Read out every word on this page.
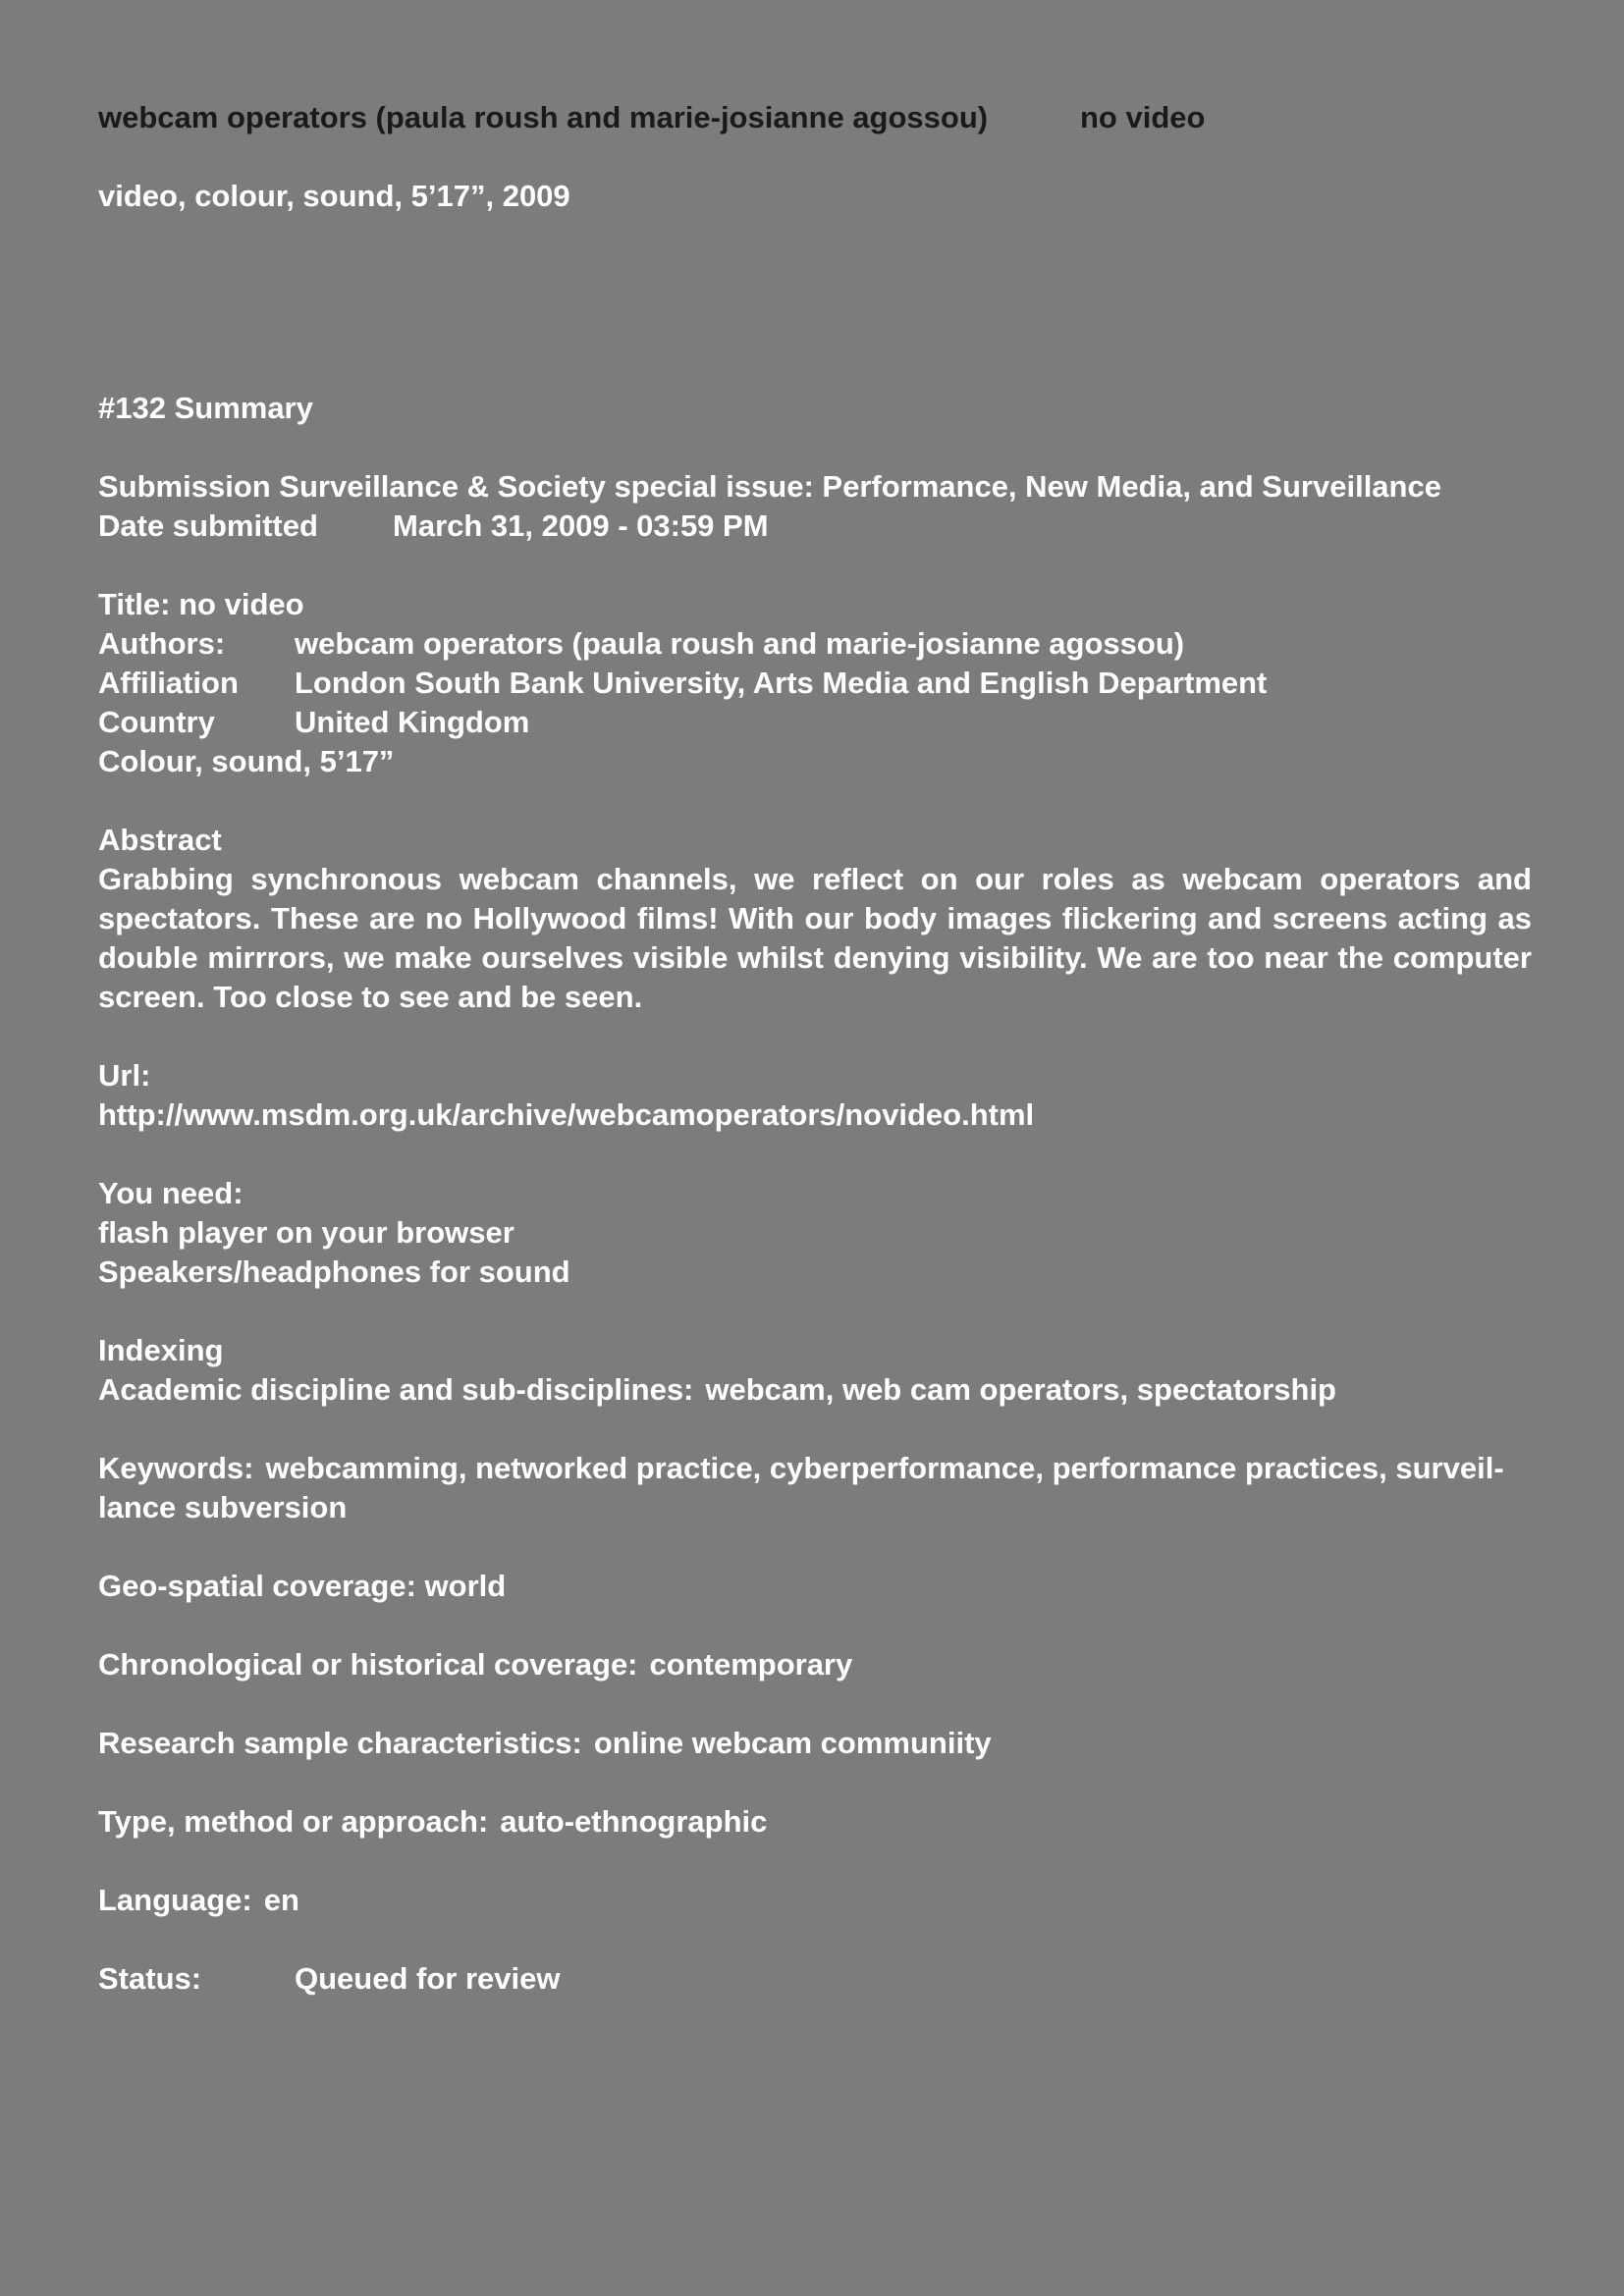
webcam operators (paula roush and marie-josianne agossou)	no video
video, colour, sound, 5’17”, 2009
#132 Summary
Submission Surveillance & Society special issue: Performance, New Media, and Surveillance
Date submitted	March 31, 2009 - 03:59 PM
Title: no video
Authors:	webcam operators (paula roush and marie-josianne agossou)
Affiliation	London South Bank University, Arts Media and English Department
Country	United Kingdom
Colour, sound, 5’17”
Abstract
Grabbing synchronous webcam channels, we reflect on our roles as webcam operators and spectators. These are no Hollywood films! With our body images flickering and screens acting as double mirrrors, we make ourselves visible whilst denying visibility. We are too near the computer screen. Too close to see and be seen.
Url:
http://www.msdm.org.uk/archive/webcamoperators/novideo.html
You need:
flash player on your browser
Speakers/headphones for sound
Indexing
Academic discipline and sub-disciplines: webcam, web cam operators, spectatorship
Keywords: webcamming, networked practice, cyberperformance, performance practices, surveillance subversion
Geo-spatial coverage: world
Chronological or historical coverage: contemporary
Research sample characteristics: online webcam communiity
Type, method or approach: auto-ethnographic
Language: en
Status:	Queued for review
